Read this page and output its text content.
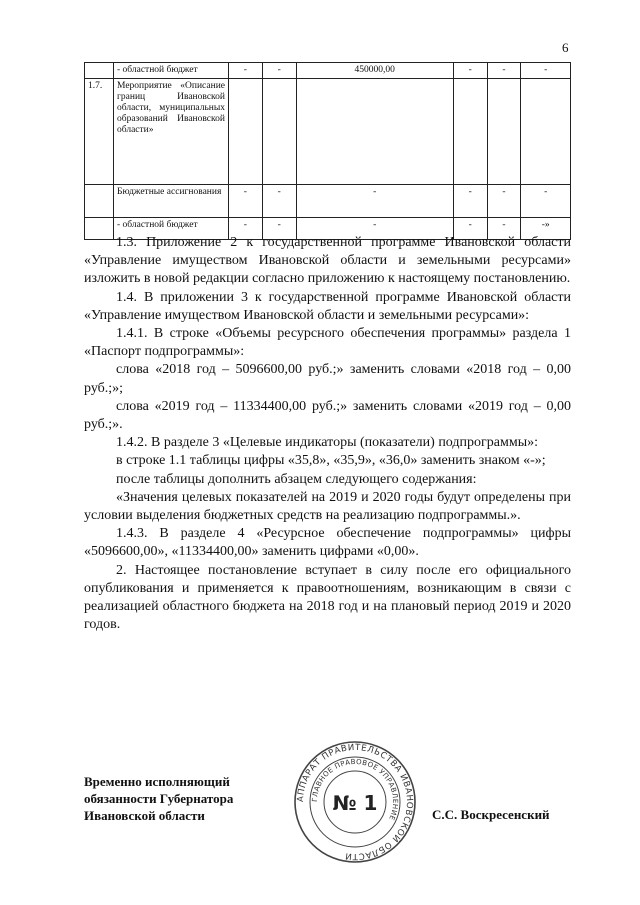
6
	- областной бюджет	-	-	450000,00	-	-	-
1.7.	Мероприятие «Описание границ Ивановской области, муниципальных образований Ивановской области»						
	Бюджетные ассигнования	-	-	-	-	-	-
	- областной бюджет	-	-	-	-	-	-»

1.3. Приложение 2 к государственной программе Ивановской области «Управление имуществом Ивановской области и земельными ресурсами» изложить в новой редакции согласно приложению к настоящему постановлению.

1.4. В приложении 3 к государственной программе Ивановской области «Управление имуществом Ивановской области и земельными ресурсами»:

1.4.1. В строке «Объемы ресурсного обеспечения программы» раздела 1 «Паспорт подпрограммы»:

слова «2018 год – 5096600,00 руб.;» заменить словами «2018 год – 0,00 руб.;»;

слова «2019 год – 11334400,00 руб.;» заменить словами «2019 год – 0,00 руб.;».

1.4.2. В разделе 3 «Целевые индикаторы (показатели) подпрограммы»:

в строке 1.1 таблицы цифры «35,8», «35,9», «36,0» заменить знаком «-»;

после таблицы дополнить абзацем следующего содержания:

«Значения целевых показателей на 2019 и 2020 годы будут определены при условии выделения бюджетных средств на реализацию подпрограммы.».

1.4.3. В разделе 4 «Ресурсное обеспечение подпрограммы» цифры «5096600,00», «11334400,00» заменить цифрами «0,00».

2. Настоящее постановление вступает в силу после его официального опубликования и применяется к правоотношениям, возникающим в связи с реализацией областного бюджета на 2018 год и на плановый период 2019 и 2020 годов.

Временно исполняющий
обязанности Губернатора
Ивановской области
АППАРАТ ПРАВИТЕЛЬСТВА ИВАНОВСКОЙ ОБЛАСТИ
ГЛАВНОЕ ПРАВОВОЕ УПРАВЛЕНИЕ
№ 1	С.С. Воскресенский
